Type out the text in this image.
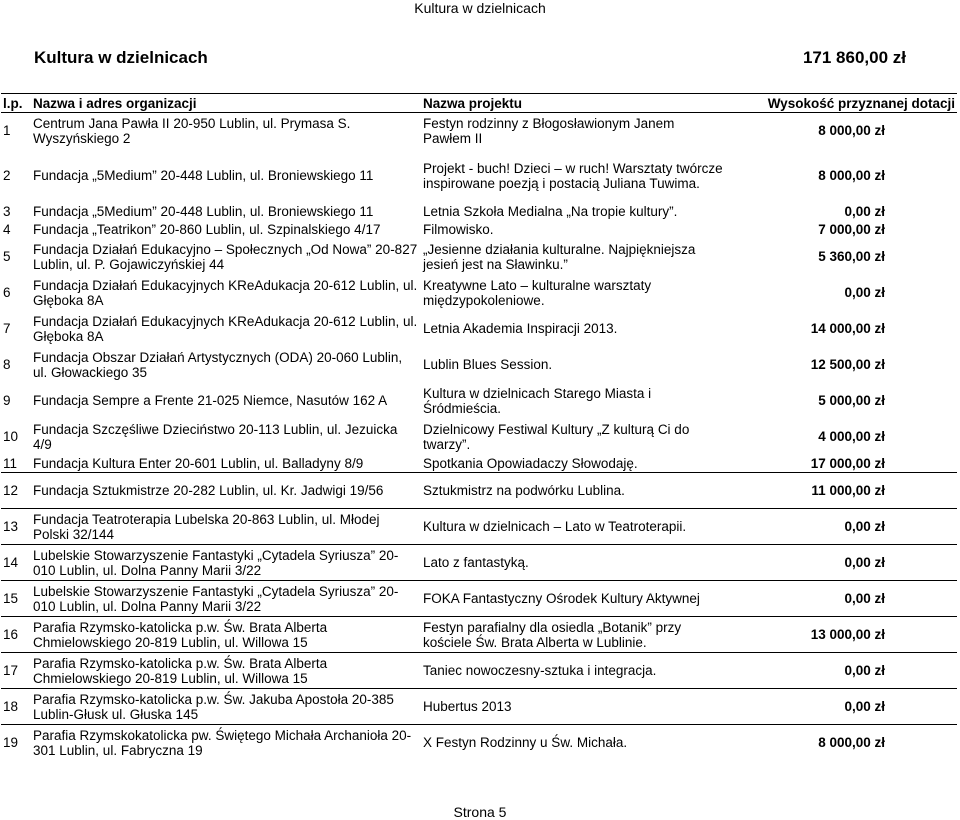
Kultura w dzielnicach
Kultura w dzielnicach	171 860,00 zł
l.p.	Nazwa i adres organizacji	Nazwa projektu	Wysokość przyznanej dotacji
1	Centrum Jana Pawła II 20-950 Lublin, ul. Prymasa S. Wyszyńskiego 2	Festyn rodzinny z Błogosławionym Janem Pawłem II	8 000,00 zł
2	Fundacja „5Medium” 20-448 Lublin, ul. Broniewskiego 11	Projekt - buch! Dzieci – w ruch! Warsztaty twórcze inspirowane poezją i postacią Juliana Tuwima.	8 000,00 zł
3	Fundacja „5Medium” 20-448 Lublin, ul. Broniewskiego 11	Letnia Szkoła Medialna „Na tropie kultury”.	0,00 zł
4	Fundacja „Teatrikon” 20-860 Lublin, ul. Szpinalskiego 4/17	Filmowisko.	7 000,00 zł
5	Fundacja Działań Edukacyjno – Społecznych „Od Nowa” 20-827 Lublin, ul. P. Gojawiczyńskiej 44	„Jesienne działania kulturalne. Najpiękniejsza jesień jest na Sławinku.”	5 360,00 zł
6	Fundacja Działań Edukacyjnych KReAdukacja 20-612 Lublin, ul. Głęboka 8A	Kreatywne Lato – kulturalne warsztaty międzypokoleniowe.	0,00 zł
7	Fundacja Działań Edukacyjnych KReAdukacja 20-612 Lublin, ul. Głęboka 8A	Letnia Akademia Inspiracji 2013.	14 000,00 zł
8	Fundacja Obszar Działań Artystycznych (ODA) 20-060 Lublin, ul. Głowackiego 35	Lublin Blues Session.	12 500,00 zł
9	Fundacja Sempre a Frente 21-025 Niemce, Nasutów 162 A	Kultura w dzielnicach Starego Miasta i Śródmieścia.	5 000,00 zł
10	Fundacja Szczęśliwe Dzieciństwo 20-113 Lublin, ul. Jezuicka 4/9	Dzielnicowy Festiwal Kultury „Z kulturą Ci do twarzy”.	4 000,00 zł
11	Fundacja Kultura Enter 20-601 Lublin, ul. Balladyny 8/9	Spotkania Opowiadaczy Słowodaję.	17 000,00 zł
12	Fundacja Sztukmistrze 20-282 Lublin, ul. Kr. Jadwigi 19/56	Sztukmistrz na podwórku Lublina.	11 000,00 zł
13	Fundacja Teatroterapia Lubelska 20-863 Lublin, ul. Młodej Polski 32/144	Kultura w dzielnicach – Lato w Teatroterapii.	0,00 zł
14	Lubelskie Stowarzyszenie Fantastyki „Cytadela Syriusza” 20-010 Lublin, ul. Dolna Panny Marii 3/22	Lato z fantastyką.	0,00 zł
15	Lubelskie Stowarzyszenie Fantastyki „Cytadela Syriusza” 20-010 Lublin, ul. Dolna Panny Marii 3/22	FOKA Fantastyczny Ośrodek Kultury Aktywnej	0,00 zł
16	Parafia Rzymsko-katolicka p.w. Św. Brata Alberta Chmielowskiego 20-819 Lublin, ul. Willowa 15	Festyn parafialny dla osiedla „Botanik” przy kościele Św. Brata Alberta w Lublinie.	13 000,00 zł
17	Parafia Rzymsko-katolicka p.w. Św. Brata Alberta Chmielowskiego 20-819 Lublin, ul. Willowa 15	Taniec nowoczesny-sztuka i integracja.	0,00 zł
18	Parafia Rzymsko-katolicka p.w. Św. Jakuba Apostoła 20-385 Lublin-Głusk ul. Głuska 145	Hubertus 2013	0,00 zł
19	Parafia Rzymskokatolicka pw. Świętego Michała Archanioła 20-301 Lublin, ul. Fabryczna 19	X Festyn Rodzinny u Św. Michała.	8 000,00 zł
Strona 5
